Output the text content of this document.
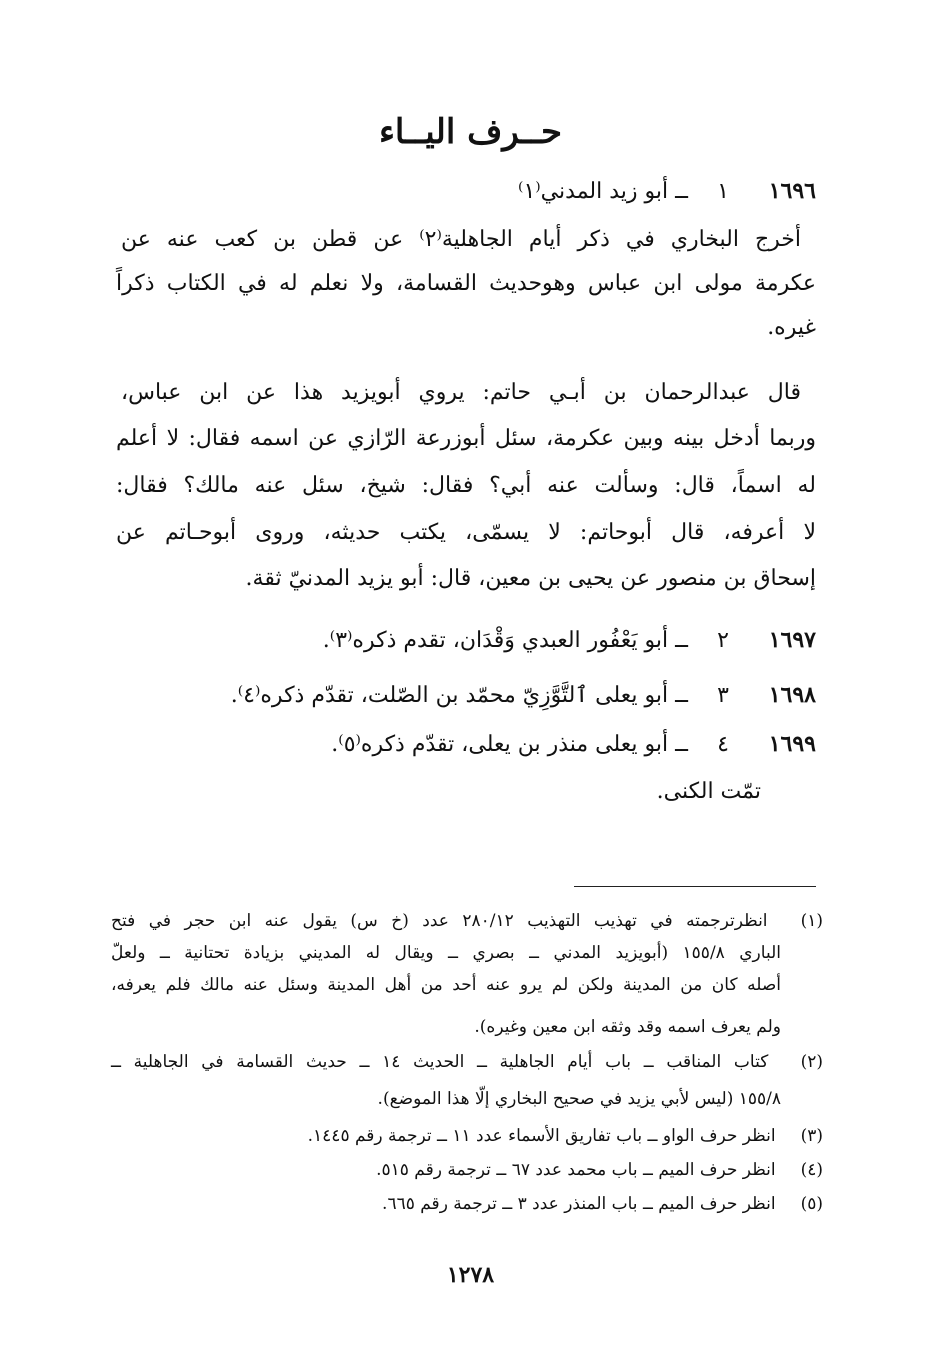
حــرف اليــاء
١٦٩٦١ــ أبو زيد المدني⁽١⁾
أخرج البخاري في ذكر أيام الجاهلية⁽٢⁾ عن قطن بن كعب عنه عن
عكرمة مولى ابن عباس وهوحديث القسامة، ولا نعلم له في الكتاب ذكراً
غيره.
قال عبدالرحمان بن أبـي حاتم: يروي أبويزيد هذا عن ابن عباس،
وربما أدخل بينه وبين عكرمة، سئل أبوزرعة الرّازي عن اسمه فقال: لا أعلم
له اسماً، قال: وسألت عنه أبي؟ فقال: شيخ، سئل عنه مالك؟ فقال:
لا أعرفه، قال أبوحاتم: لا يسمّى، يكتب حديثه، وروى أبوحـاتم عن
إسحاق بن منصور عن يحيى بن معين، قال: أبو يزيد المدنيّ ثقة.
١٦٩٧٢ــ أبو يَعْفُور العبدي وَقْدَان، تقدم ذكره⁽٣⁾.
١٦٩٨٣ــ أبو يعلى ٱلتَّوَّزِيّ محمّد بن الصّلت، تقدّم ذكره⁽٤⁾.
١٦٩٩٤ــ أبو يعلى منذر بن يعلى، تقدّم ذكره⁽٥⁾.
تمّت الكنى.
(١) انظرترجمته في تهذيب التهذيب ٢٨٠/١٢ عدد (خ س) يقول عنه ابن حجر في فتح
الباري ١٥٥/٨ (أبويزيد المدني ــ بصري ــ ويقال له المديني بزيادة تحتانية ــ ولعلّ
أصله كان من المدينة ولكن لم يرو عنه أحد من أهل المدينة وسئل عنه مالك فلم يعرفه،
ولم يعرف اسمه وقد وثقه ابن معين وغيره).
(٢) كتاب المناقب ــ باب أيام الجاهلية ــ الحديث ١٤ ــ حديث القسامة في الجاهلية ــ
١٥٥/٨ (ليس لأبي يزيد في صحيح البخاري إلّا هذا الموضع).
(٣) انظر حرف الواو ــ باب تفاريق الأسماء عدد ١١ ــ ترجمة رقم ١٤٤٥.
(٤) انظر حرف الميم ــ باب محمد عدد ٦٧ ــ ترجمة رقم ٥١٥.
(٥) انظر حرف الميم ــ باب المنذر عدد ٣ ــ ترجمة رقم ٦٦٥.
١٢٧٨
